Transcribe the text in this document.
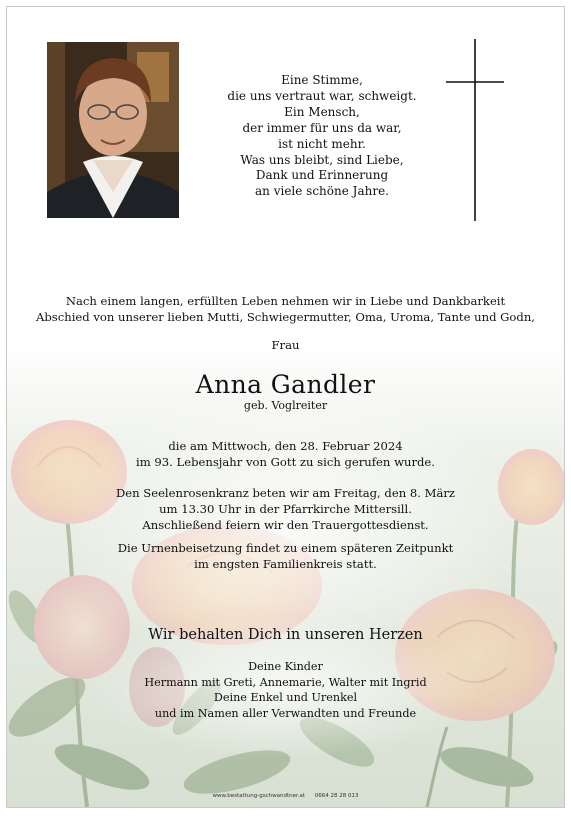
Eine Stimme,
die uns vertraut war, schweigt.
Ein Mensch,
der immer für uns da war,
ist nicht mehr.
Was uns bleibt, sind Liebe,
Dank und Erinnerung
an viele schöne Jahre.
Nach einem langen, erfüllten Leben nehmen wir in Liebe und Dankbarkeit
Abschied von unserer lieben Mutti, Schwiegermutter, Oma, Uroma, Tante und Godn,
Frau
Anna Gandler
geb. Voglreiter
die am Mittwoch, den 28. Februar 2024
im 93. Lebensjahr von Gott zu sich gerufen wurde.
Den Seelenrosenkranz beten wir am Freitag, den 8. März
um 13.30 Uhr in der Pfarrkirche Mittersill.
Anschließend feiern wir den Trauergottesdienst.
Die Urnenbeisetzung findet zu einem späteren Zeitpunkt
im engsten Familienkreis statt.
Wir behalten Dich in unseren Herzen
Deine Kinder
Hermann mit Greti, Annemarie, Walter mit Ingrid
Deine Enkel und Urenkel
und im Namen aller Verwandten und Freunde
www.bestattung-gschwandtner.at 0664 28 28 013
